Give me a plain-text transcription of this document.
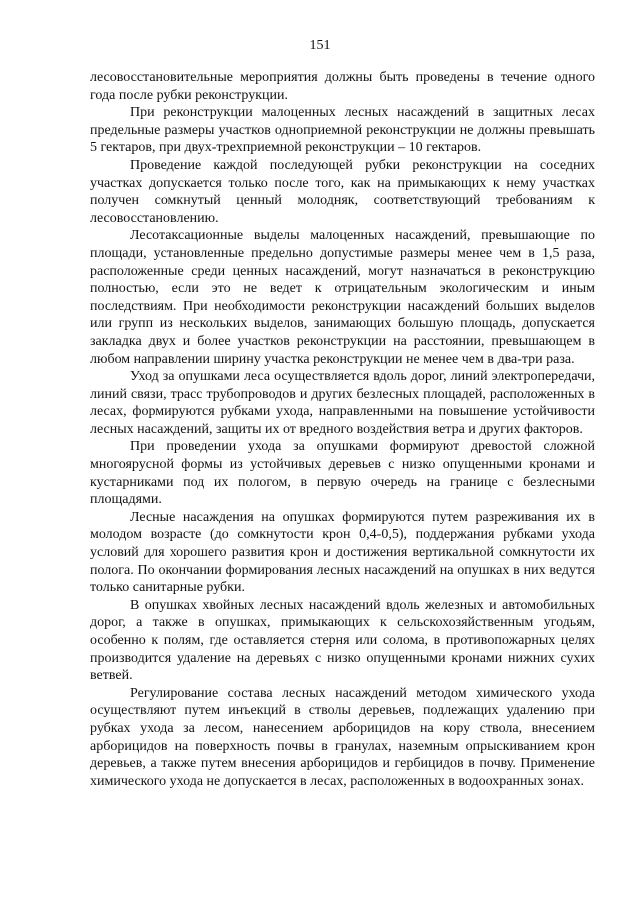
151

лесовосстановительные мероприятия должны быть проведены в течение одного года после рубки реконструкции.

При реконструкции малоценных лесных насаждений в защитных лесах предельные размеры участков одноприемной реконструкции не должны превышать 5 гектаров, при двух-трехприемной реконструкции – 10 гектаров.

Проведение каждой последующей рубки реконструкции на соседних участках допускается только после того, как на примыкающих к нему участках получен сомкнутый ценный молодняк, соответствующий требованиям к лесовосстановлению.

Лесотаксационные выделы малоценных насаждений, превышающие по площади, установленные предельно допустимые размеры менее чем в 1,5 раза, расположенные среди ценных насаждений, могут назначаться в реконструкцию полностью, если это не ведет к отрицательным экологическим и иным последствиям. При необходимости реконструкции насаждений больших выделов или групп из нескольких выделов, занимающих большую площадь, допускается закладка двух и более участков реконструкции на расстоянии, превышающем в любом направлении ширину участка реконструкции не менее чем в два-три раза.

Уход за опушками леса осуществляется вдоль дорог, линий электропередачи, линий связи, трасс трубопроводов и других безлесных площадей, расположенных в лесах, формируются рубками ухода, направленными на повышение устойчивости лесных насаждений, защиты их от вредного воздействия ветра и других факторов.

При проведении ухода за опушками формируют древостой сложной многоярусной формы из устойчивых деревьев с низко опущенными кронами и кустарниками под их пологом, в первую очередь на границе с безлесными площадями.

Лесные насаждения на опушках формируются путем разреживания их в молодом возрасте (до сомкнутости крон 0,4-0,5), поддержания рубками ухода условий для хорошего развития крон и достижения вертикальной сомкнутости их полога. По окончании формирования лесных насаждений на опушках в них ведутся только санитарные рубки.

В опушках хвойных лесных насаждений вдоль железных и автомобильных дорог, а также в опушках, примыкающих к сельскохозяйственным угодьям, особенно к полям, где оставляется стерня или солома, в противопожарных целях производится удаление на деревьях с низко опущенными кронами нижних сухих ветвей.

Регулирование состава лесных насаждений методом химического ухода осуществляют путем инъекций в стволы деревьев, подлежащих удалению при рубках ухода за лесом, нанесением арборицидов на кору ствола, внесением арборицидов на поверхность почвы в гранулах, наземным опрыскиванием крон деревьев, а также путем внесения арборицидов и гербицидов в почву. Применение химического ухода не допускается в лесах, расположенных в водоохранных зонах.
